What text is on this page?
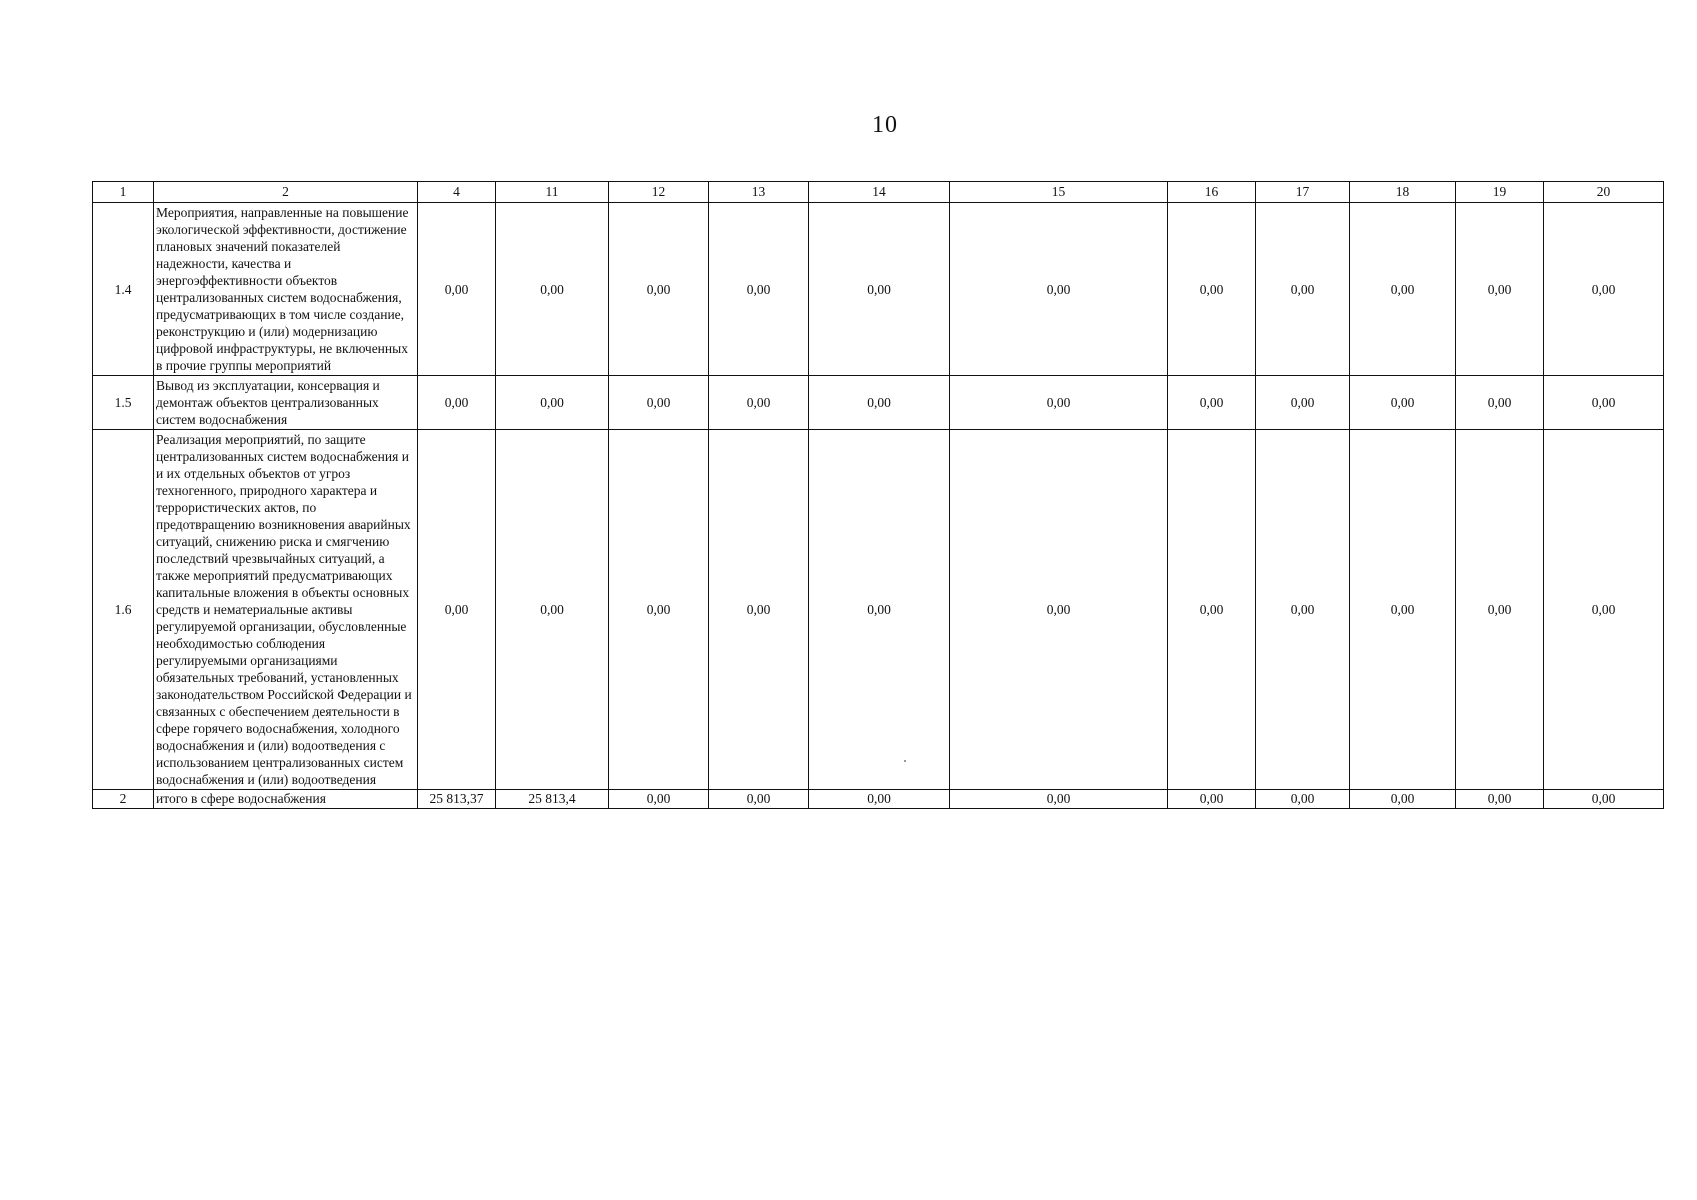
10
1	2	4	11	12	13	14	15	16	17	18	19	20
1.4	Мероприятия, направленные на повышение экологической эффективности, достижение плановых значений показателей надежности, качества и энергоэффективности объектов централизованных систем водоснабжения, предусматривающих в том числе создание, реконструкцию и (или) модернизацию цифровой инфраструктуры, не включенных в прочие группы мероприятий	0,00	0,00	0,00	0,00	0,00	0,00	0,00	0,00	0,00	0,00	0,00
1.5	Вывод из эксплуатации, консервация и демонтаж объектов централизованных систем водоснабжения	0,00	0,00	0,00	0,00	0,00	0,00	0,00	0,00	0,00	0,00	0,00
1.6	Реализация мероприятий, по защите централизованных систем водоснабжения и и их отдельных объектов от угроз техногенного, природного характера и террористических актов, по предотвращению возникновения аварийных ситуаций, снижению риска и смягчению последствий чрезвычайных ситуаций, а также мероприятий предусматривающих капитальные вложения в объекты основных средств и нематериальные активы регулируемой организации, обусловленные необходимостью соблюдения регулируемыми организациями обязательных требований, установленных законодательством Российской Федерации и связанных с обеспечением деятельности в сфере горячего водоснабжения, холодного водоснабжения и (или) водоотведения с использованием централизованных систем водоснабжения и (или) водоотведения	0,00	0,00	0,00	0,00	0,00	0,00	0,00	0,00	0,00	0,00	0,00
2	итого в сфере водоснабжения	25 813,37	25 813,4	0,00	0,00	0,00	0,00	0,00	0,00	0,00	0,00	0,00
